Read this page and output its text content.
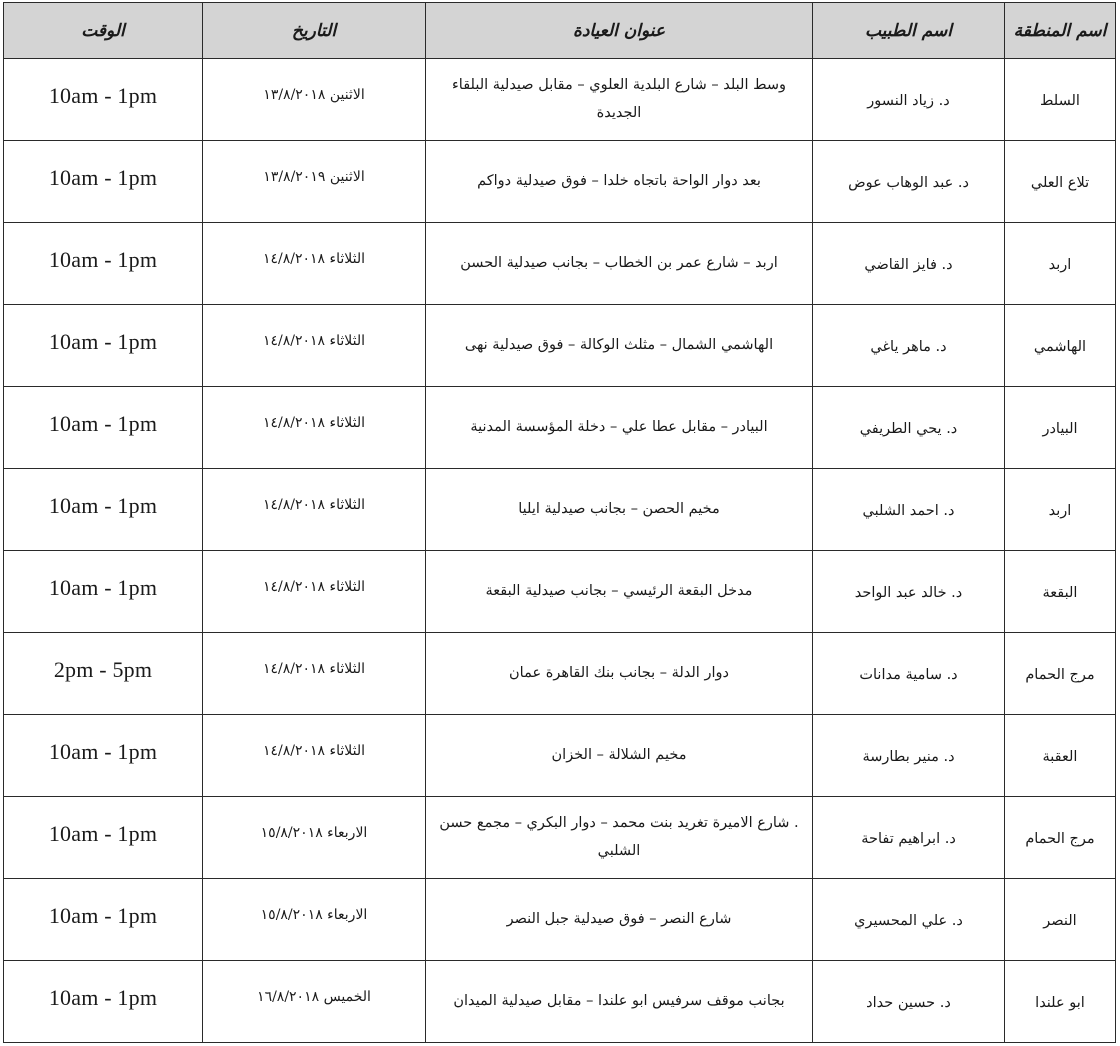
اسم المنطقة	اسم الطبيب	عنوان العيادة	التاريخ	الوقت
السلط	د. زياد النسور	وسط البلد – شارع البلدية العلوي – مقابل صيدلية البلقاء الجديدة	الاثنين ١٣/٨/٢٠١٨	10am - 1pm
تلاع العلي	د. عبد الوهاب عوض	بعد دوار الواحة باتجاه خلدا – فوق صيدلية دواكم	الاثنين ١٣/٨/٢٠١٩	10am - 1pm
اربد	د. فايز القاضي	اربد – شارع عمر بن الخطاب – بجانب صيدلية الحسن	الثلاثاء ١٤/٨/٢٠١٨	10am - 1pm
الهاشمي	د. ماهر ياغي	الهاشمي الشمال – مثلث الوكالة – فوق صيدلية نهى	الثلاثاء ١٤/٨/٢٠١٨	10am - 1pm
البيادر	د. يحي الطريفي	البيادر – مقابل عطا علي – دخلة المؤسسة المدنية	الثلاثاء ١٤/٨/٢٠١٨	10am - 1pm
اربد	د. احمد الشلبي	مخيم الحصن – بجانب صيدلية ايليا	الثلاثاء ١٤/٨/٢٠١٨	10am - 1pm
البقعة	د. خالد عبد الواحد	مدخل البقعة الرئيسي – بجانب صيدلية البقعة	الثلاثاء ١٤/٨/٢٠١٨	10am - 1pm
مرج الحمام	د. سامية مدانات	دوار الدلة – بجانب بنك القاهرة عمان	الثلاثاء ١٤/٨/٢٠١٨	2pm - 5pm
العقبة	د. منير بطارسة	مخيم الشلالة – الخزان	الثلاثاء ١٤/٨/٢٠١٨	10am - 1pm
مرج الحمام	د. ابراهيم تفاحة	. شارع الاميرة تغريد بنت محمد – دوار البكري – مجمع حسن الشلبي	الاربعاء ١٥/٨/٢٠١٨	10am - 1pm
النصر	د. علي المحسيري	شارع النصر – فوق صيدلية جبل النصر	الاربعاء ١٥/٨/٢٠١٨	10am - 1pm
ابو علندا	د. حسين حداد	بجانب موقف سرفيس ابو علندا – مقابل صيدلية الميدان	الخميس ١٦/٨/٢٠١٨	10am - 1pm
